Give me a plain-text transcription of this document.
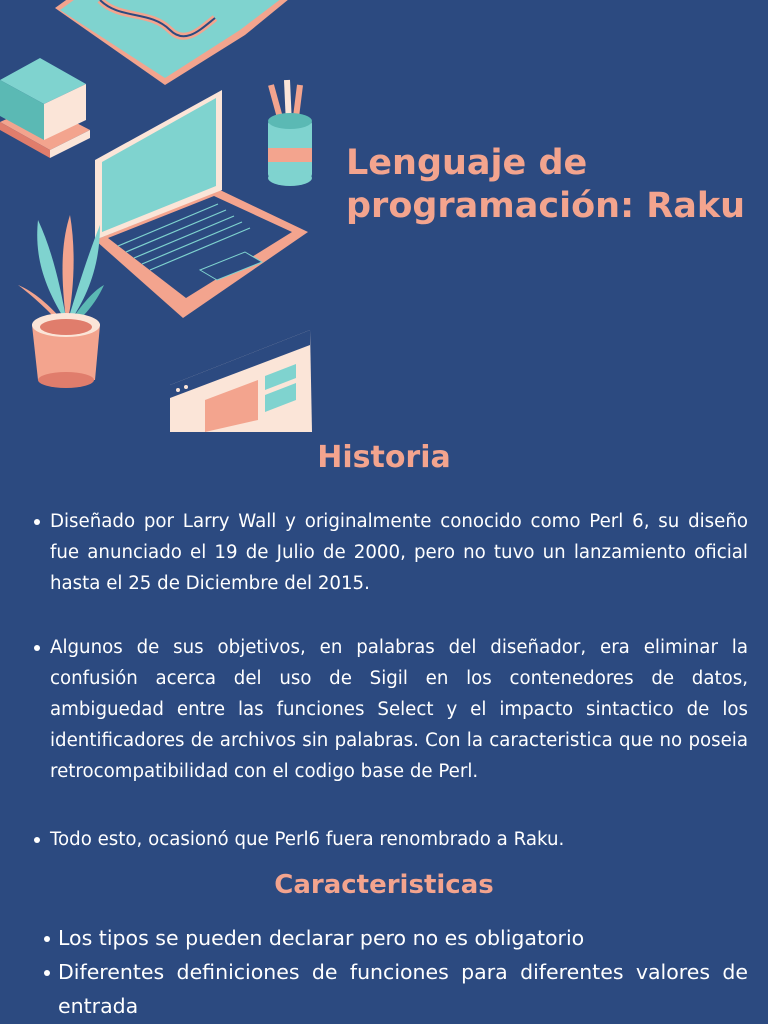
Lenguaje de programación: Raku
Historia
Diseñado por Larry Wall y originalmente conocido como Perl 6, su diseño fue anunciado el 19 de Julio de 2000, pero no tuvo un lanzamiento oficial hasta el 25 de Diciembre del 2015.
Algunos de sus objetivos, en palabras del diseñador, era eliminar la confusión acerca del uso de Sigil en los contenedores de datos, ambiguedad entre las funciones Select y el impacto sintactico de los identificadores de archivos sin palabras. Con la caracteristica que no poseia retrocompatibilidad con el codigo base de Perl.
Todo esto, ocasionó que Perl6 fuera renombrado a Raku.
Caracteristicas
Los tipos se pueden declarar pero no es obligatorio
Diferentes definiciones de funciones para diferentes valores de entrada
